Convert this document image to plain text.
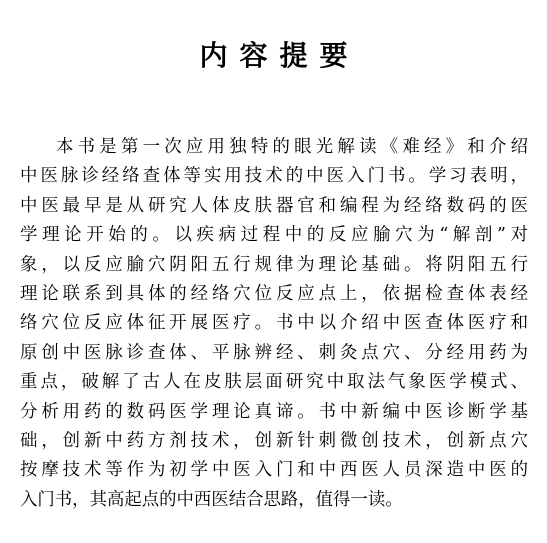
内容提要
本书是第一次应用独特的眼光解读《难经》和介绍
中医脉诊经络查体等实用技术的中医入门书。学习表明，
中医最早是从研究人体皮肤器官和编程为经络数码的医
学理论开始的。以疾病过程中的反应腧穴为“解剖”对
象，以反应腧穴阴阳五行规律为理论基础。将阴阳五行
理论联系到具体的经络穴位反应点上，依据检查体表经
络穴位反应体征开展医疗。书中以介绍中医查体医疗和
原创中医脉诊查体、平脉辨经、刺灸点穴、分经用药为
重点，破解了古人在皮肤层面研究中取法气象医学模式、
分析用药的数码医学理论真谛。书中新编中医诊断学基
础，创新中药方剂技术，创新针刺微创技术，创新点穴
按摩技术等作为初学中医入门和中西医人员深造中医的
入门书，其高起点的中西医结合思路，值得一读。
